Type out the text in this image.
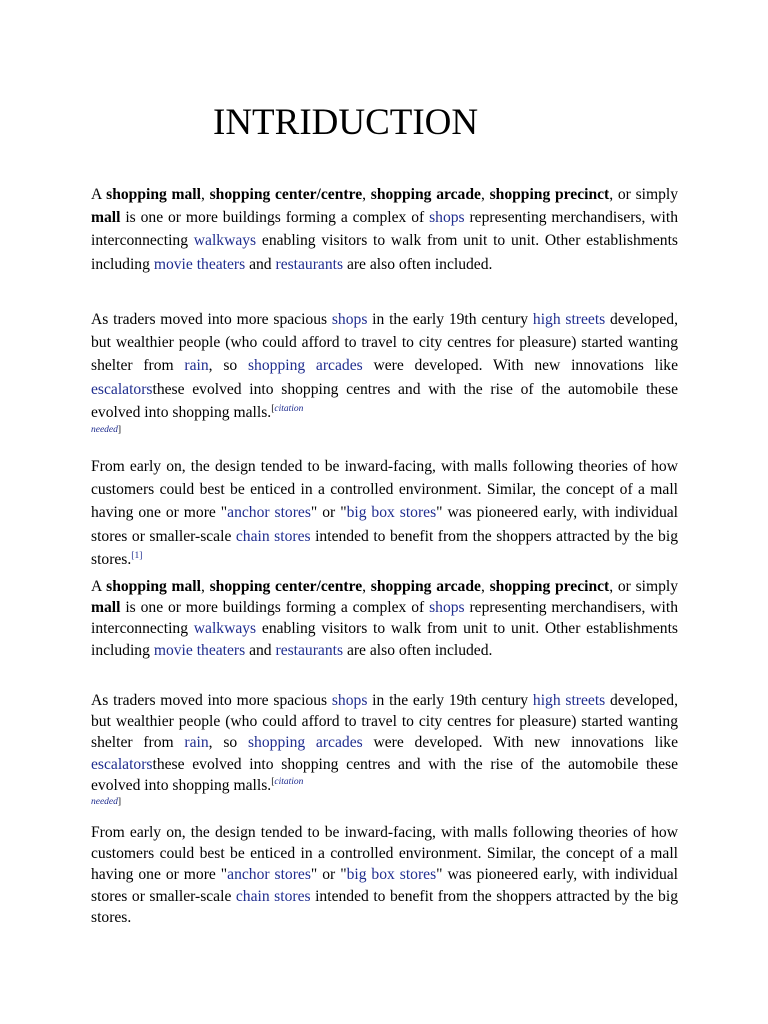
INTRIDUCTION

A shopping mall, shopping center/centre, shopping arcade, shopping precinct, or simply mall is one or more buildings forming a complex of shops representing merchandisers, with interconnecting walkways enabling visitors to walk from unit to unit. Other establishments including movie theaters and restaurants are also often included.

As traders moved into more spacious shops in the early 19th century high streets developed, but wealthier people (who could afford to travel to city centres for pleasure) started wanting shelter from rain, so shopping arcades were developed. With new innovations like escalatorsthese evolved into shopping centres and with the rise of the automobile these evolved into shopping malls.$^{[citation}$
needed]

From early on, the design tended to be inward-facing, with malls following theories of how customers could best be enticed in a controlled environment. Similar, the concept of a mall having one or more "anchor stores" or "big box stores" was pioneered early, with individual stores or smaller-scale chain stores intended to benefit from the shoppers attracted by the big stores.[1]

A shopping mall, shopping center/centre, shopping arcade, shopping precinct, or simply mall is one or more buildings forming a complex of shops representing merchandisers, with interconnecting walkways enabling visitors to walk from unit to unit. Other establishments including movie theaters and restaurants are also often included.

As traders moved into more spacious shops in the early 19th century high streets developed, but wealthier people (who could afford to travel to city centres for pleasure) started wanting shelter from rain, so shopping arcades were developed. With new innovations like escalatorsthese evolved into shopping centres and with the rise of the automobile these evolved into shopping malls.$^{[citation}$
needed]

From early on, the design tended to be inward-facing, with malls following theories of how customers could best be enticed in a controlled environment. Similar, the concept of a mall having one or more "anchor stores" or "big box stores" was pioneered early, with individual stores or smaller-scale chain stores intended to benefit from the shoppers attracted by the big stores.
